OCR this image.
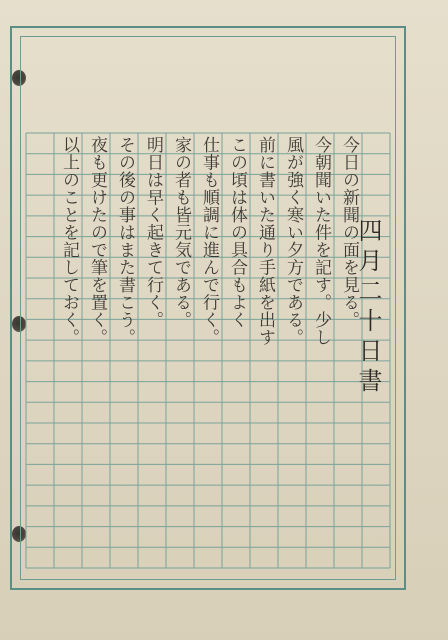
四月二十日書
今日の新聞の面を見る。
今朝聞いた件を記す。少し
風が強く寒い夕方である。
前に書いた通り手紙を出す
この頃は体の具合もよく
仕事も順調に進んで行く。
家の者も皆元気である。
明日は早く起きて行く。
その後の事はまた書こう。
夜も更けたので筆を置く。
以上のことを記しておく。
